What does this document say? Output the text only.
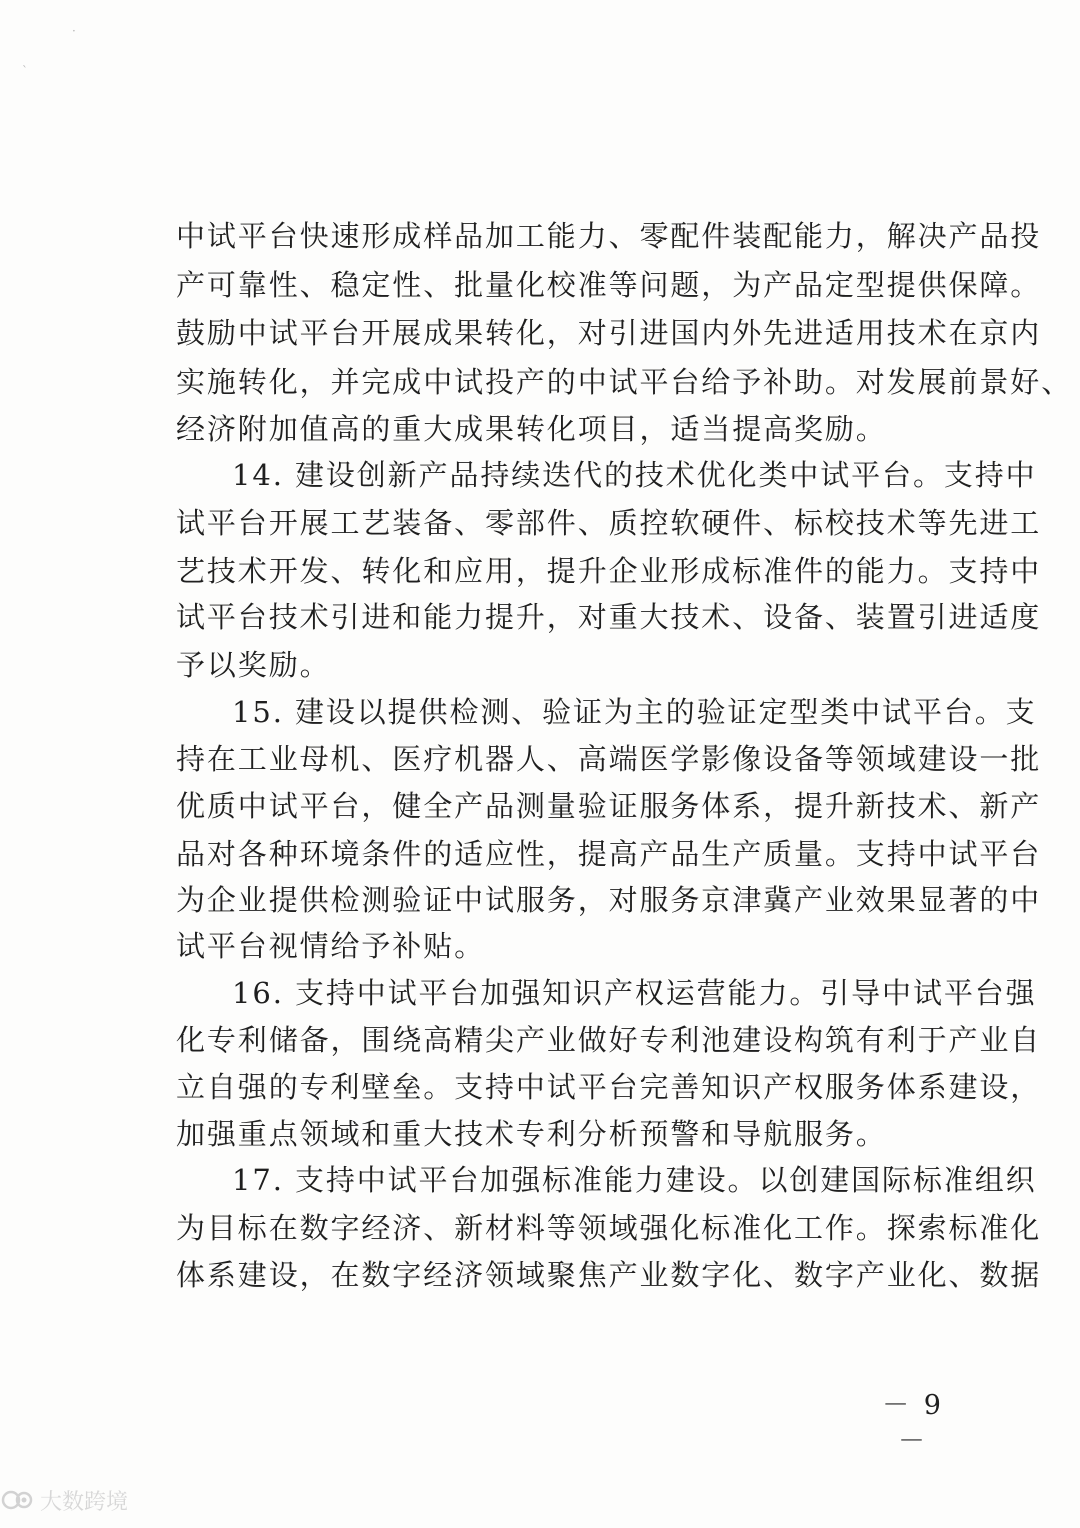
·
`
中试平台快速形成样品加工能力、零配件装配能力，解决产品投
产可靠性、稳定性、批量化校准等问题，为产品定型提供保障。
鼓励中试平台开展成果转化，对引进国内外先进适用技术在京内
实施转化，并完成中试投产的中试平台给予补助。对发展前景好、
经济附加值高的重大成果转化项目，适当提高奖励。
14. 建设创新产品持续迭代的技术优化类中试平台。支持中
试平台开展工艺装备、零部件、质控软硬件、标校技术等先进工
艺技术开发、转化和应用，提升企业形成标准件的能力。支持中
试平台技术引进和能力提升，对重大技术、设备、装置引进适度
予以奖励。
15. 建设以提供检测、验证为主的验证定型类中试平台。支
持在工业母机、医疗机器人、高端医学影像设备等领域建设一批
优质中试平台，健全产品测量验证服务体系，提升新技术、新产
品对各种环境条件的适应性，提高产品生产质量。支持中试平台
为企业提供检测验证中试服务，对服务京津冀产业效果显著的中
试平台视情给予补贴。
16. 支持中试平台加强知识产权运营能力。引导中试平台强
化专利储备，围绕高精尖产业做好专利池建设构筑有利于产业自
立自强的专利壁垒。支持中试平台完善知识产权服务体系建设，
加强重点领域和重大技术专利分析预警和导航服务。
17. 支持中试平台加强标准能力建设。以创建国际标准组织
为目标在数字经济、新材料等领域强化标准化工作。探索标准化
体系建设，在数字经济领域聚焦产业数字化、数字产业化、数据
－ 9 －
大数跨境
